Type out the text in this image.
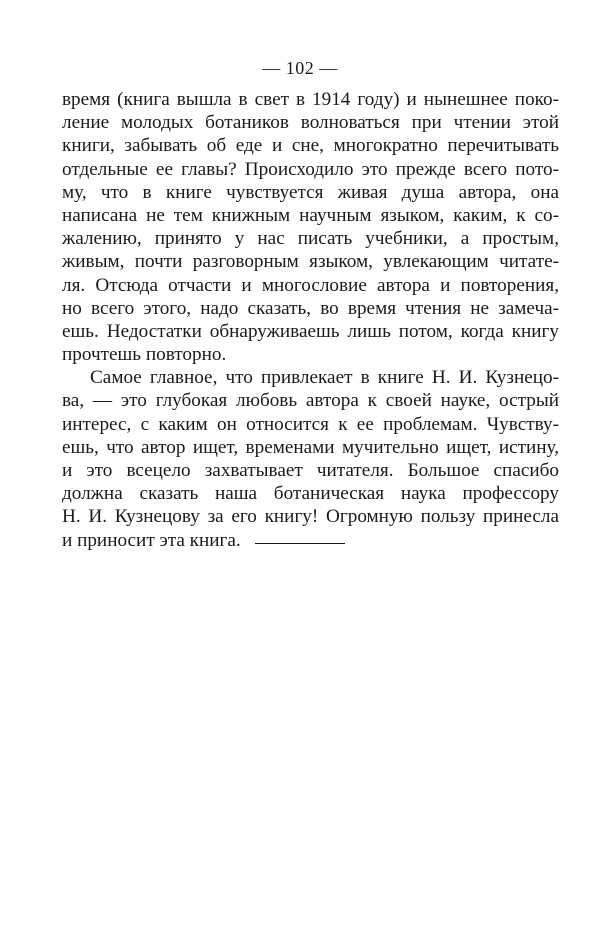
— 102 —
время (книга вышла в свет в 1914 году) и нынешнее поко-
ление молодых ботаников волноваться при чтении этой
книги, забывать об еде и сне, многократно перечитывать
отдельные ее главы? Происходило это прежде всего пото-
му, что в книге чувствуется живая душа автора, она
написана не тем книжным научным языком, каким, к со-
жалению, принято у нас писать учебники, а простым,
живым, почти разговорным языком, увлекающим читате-
ля. Отсюда отчасти и многословие автора и повторения,
но всего этого, надо сказать, во время чтения не замеча-
ешь. Недостатки обнаруживаешь лишь потом, когда книгу
прочтешь повторно.
Самое главное, что привлекает в книге Н. И. Кузнецо-
ва, — это глубокая любовь автора к своей науке, острый
интерес, с каким он относится к ее проблемам. Чувству-
ешь, что автор ищет, временами мучительно ищет, истину,
и это всецело захватывает читателя. Большое спасибо
должна сказать наша ботаническая наука профессору
Н. И. Кузнецову за его книгу! Огромную пользу принесла
и приносит эта книга.
